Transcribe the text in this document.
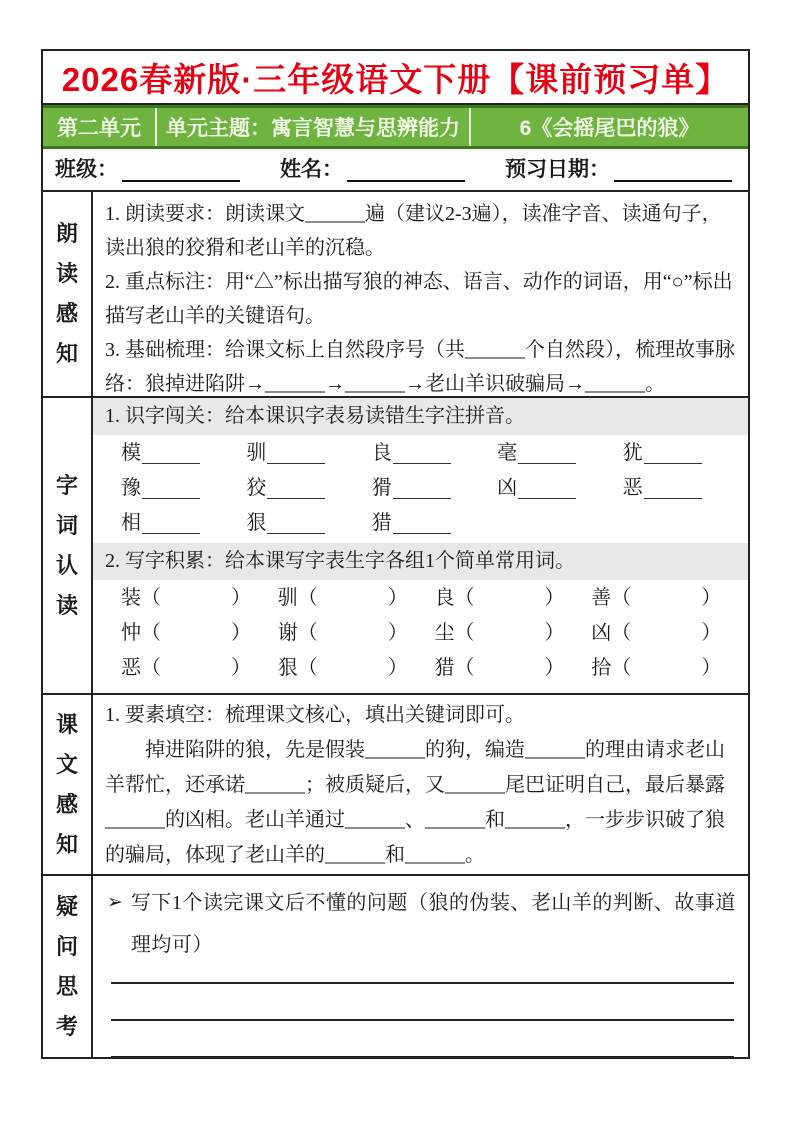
2026春新版·三年级语文下册【课前预习单】
第二单元	单元主题：寓言智慧与思辨能力	6《会摇尾巴的狼》
班级：	姓名：	预习日期：
朗
读
感
知

1. 朗读要求：朗读课文______遍（建议2-3遍），读准字音、读通句子，读出狼的狡猾和老山羊的沉稳。

2. 重点标注：用“△”标出描写狼的神态、语言、动作的词语，用“○”标出描写老山羊的关键语句。

3. 基础梳理：给课文标上自然段序号（共______个自然段），梳理故事脉络：狼掉进陷阱→______→______→老山羊识破骗局→______。

字
词
认
读
1. 识字闯关：给本课识字表易读错生字注拼音。
模	驯	良	毫	犹
豫	狡	猾	凶	恶
相	狠	猎
2. 写字积累：给本课写字表生字各组1个简单常用词。
装 （	） 驯 （	） 良 （	） 善 （	）
忡 （	） 谢 （	） 尘 （	） 凶 （	）
恶 （	） 狠 （	） 猎 （	） 拾 （	）
课
文
感
知

1. 要素填空：梳理课文核心，填出关键词即可。

掉进陷阱的狼，先是假装______的狗，编造______的理由请求老山羊帮忙，还承诺______；被质疑后，又______尾巴证明自己，最后暴露______的凶相。老山羊通过______、______和______，一步步识破了狼的骗局，体现了老山羊的______和______。

疑
问
思
考
➢ 写下1个读完课文后不懂的问题（狼的伪装、老山羊的判断、故事道理均可）
